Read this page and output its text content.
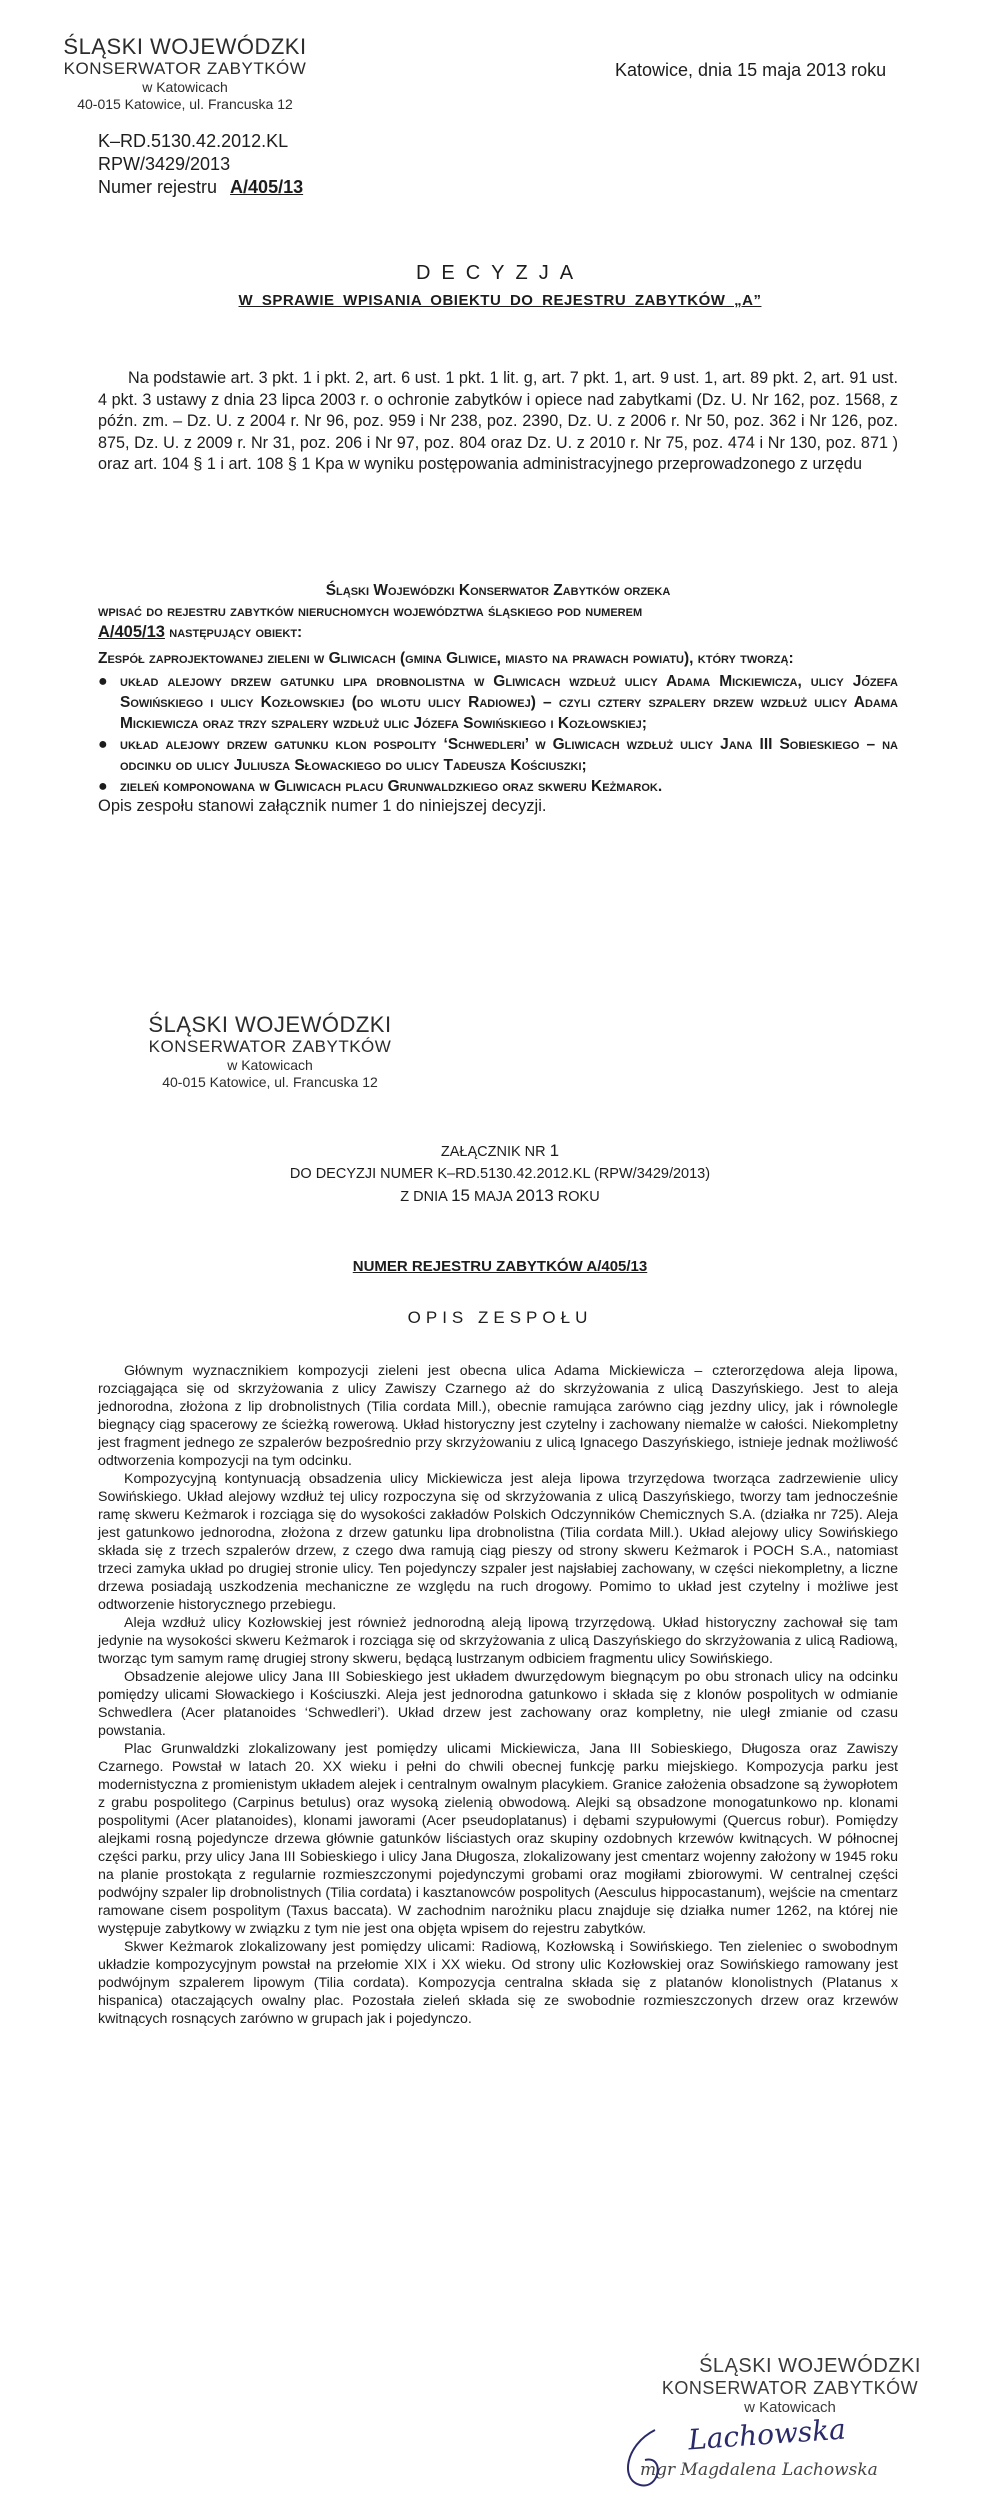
ŚLĄSKI WOJEWÓDZKI
KONSERWATOR ZABYTKÓW
w Katowicach
40-015 Katowice, ul. Francuska 12
Katowice, dnia 15 maja 2013 roku
K–RD.5130.42.2012.KL
RPW/3429/2013
Numer rejestru A/405/13
DECYZJA
W SPRAWIE WPISANIA OBIEKTU DO REJESTRU ZABYTKÓW „A”
Na podstawie art. 3 pkt. 1 i pkt. 2, art. 6 ust. 1 pkt. 1 lit. g, art. 7 pkt. 1, art. 9 ust. 1, art. 89 pkt. 2, art. 91 ust. 4 pkt. 3 ustawy z dnia 23 lipca 2003 r. o ochronie zabytków i opiece nad zabytkami (Dz. U. Nr 162, poz. 1568, z późn. zm. – Dz. U. z 2004 r. Nr 96, poz. 959 i Nr 238, poz. 2390, Dz. U. z 2006 r. Nr 50, poz. 362 i Nr 126, poz. 875, Dz. U. z 2009 r. Nr 31, poz. 206 i Nr 97, poz. 804 oraz Dz. U. z 2010 r. Nr 75, poz. 474 i Nr 130, poz. 871 ) oraz art. 104 § 1 i art. 108 § 1 Kpa w wyniku postępowania administracyjnego przeprowadzonego z urzędu
Śląski Wojewódzki Konserwator Zabytków orzeka
wpisać do rejestru zabytków nieruchomych województwa śląskiego pod numerem
A/405/13 następujący obiekt:
Zespół zaprojektowanej zieleni w Gliwicach (gmina Gliwice, miasto na prawach powiatu), który tworzą:
● układ alejowy drzew gatunku lipa drobnolistna w Gliwicach wzdłuż ulicy Adama Mickiewicza, ulicy Józefa Sowińskiego i ulicy Kozłowskiej (do wlotu ulicy Radiowej) – czyli cztery szpalery drzew wzdłuż ulicy Adama Mickiewicza oraz trzy szpalery wzdłuż ulic Józefa Sowińskiego i Kozłowskiej;
● układ alejowy drzew gatunku klon pospolity ‘Schwedleri’ w Gliwicach wzdłuż ulicy Jana III Sobieskiego – na odcinku od ulicy Juliusza Słowackiego do ulicy Tadeusza Kościuszki;
● zieleń komponowana w Gliwicach placu Grunwaldzkiego oraz skweru Keżmarok.
Opis zespołu stanowi załącznik numer 1 do niniejszej decyzji.
ŚLĄSKI WOJEWÓDZKI
KONSERWATOR ZABYTKÓW
w Katowicach
40-015 Katowice, ul. Francuska 12
ZAŁĄCZNIK NR 1
DO DECYZJI NUMER K–RD.5130.42.2012.KL (RPW/3429/2013)
Z DNIA 15 MAJA 2013 ROKU
NUMER REJESTRU ZABYTKÓW A/405/13
OPIS ZESPOŁU

Głównym wyznacznikiem kompozycji zieleni jest obecna ulica Adama Mickiewicza – czterorzędowa aleja lipowa, rozciągająca się od skrzyżowania z ulicy Zawiszy Czarnego aż do skrzyżowania z ulicą Daszyńskiego. Jest to aleja jednorodna, złożona z lip drobnolistnych (Tilia cordata Mill.), obecnie ramująca zarówno ciąg jezdny ulicy, jak i równolegle biegnący ciąg spacerowy ze ścieżką rowerową. Układ historyczny jest czytelny i zachowany niemalże w całości. Niekompletny jest fragment jednego ze szpalerów bezpośrednio przy skrzyżowaniu z ulicą Ignacego Daszyńskiego, istnieje jednak możliwość odtworzenia kompozycji na tym odcinku.

Kompozycyjną kontynuacją obsadzenia ulicy Mickiewicza jest aleja lipowa trzyrzędowa tworząca zadrzewienie ulicy Sowińskiego. Układ alejowy wzdłuż tej ulicy rozpoczyna się od skrzyżowania z ulicą Daszyńskiego, tworzy tam jednocześnie ramę skweru Keżmarok i rozciąga się do wysokości zakładów Polskich Odczynników Chemicznych S.A. (działka nr 725). Aleja jest gatunkowo jednorodna, złożona z drzew gatunku lipa drobnolistna (Tilia cordata Mill.). Układ alejowy ulicy Sowińskiego składa się z trzech szpalerów drzew, z czego dwa ramują ciąg pieszy od strony skweru Keżmarok i POCH S.A., natomiast trzeci zamyka układ po drugiej stronie ulicy. Ten pojedynczy szpaler jest najsłabiej zachowany, w części niekompletny, a liczne drzewa posiadają uszkodzenia mechaniczne ze względu na ruch drogowy. Pomimo to układ jest czytelny i możliwe jest odtworzenie historycznego przebiegu.

Aleja wzdłuż ulicy Kozłowskiej jest również jednorodną aleją lipową trzyrzędową. Układ historyczny zachował się tam jedynie na wysokości skweru Keżmarok i rozciąga się od skrzyżowania z ulicą Daszyńskiego do skrzyżowania z ulicą Radiową, tworząc tym samym ramę drugiej strony skweru, będącą lustrzanym odbiciem fragmentu ulicy Sowińskiego.

Obsadzenie alejowe ulicy Jana III Sobieskiego jest układem dwurzędowym biegnącym po obu stronach ulicy na odcinku pomiędzy ulicami Słowackiego i Kościuszki. Aleja jest jednorodna gatunkowo i składa się z klonów pospolitych w odmianie Schwedlera (Acer platanoides ‘Schwedleri’). Układ drzew jest zachowany oraz kompletny, nie uległ zmianie od czasu powstania.

Plac Grunwaldzki zlokalizowany jest pomiędzy ulicami Mickiewicza, Jana III Sobieskiego, Długosza oraz Zawiszy Czarnego. Powstał w latach 20. XX wieku i pełni do chwili obecnej funkcję parku miejskiego. Kompozycja parku jest modernistyczna z promienistym układem alejek i centralnym owalnym placykiem. Granice założenia obsadzone są żywopłotem z grabu pospolitego (Carpinus betulus) oraz wysoką zielenią obwodową. Alejki są obsadzone monogatunkowo np. klonami pospolitymi (Acer platanoides), klonami jaworami (Acer pseudoplatanus) i dębami szypułowymi (Quercus robur). Pomiędzy alejkami rosną pojedyncze drzewa głównie gatunków liściastych oraz skupiny ozdobnych krzewów kwitnących. W północnej części parku, przy ulicy Jana III Sobieskiego i ulicy Jana Długosza, zlokalizowany jest cmentarz wojenny założony w 1945 roku na planie prostokąta z regularnie rozmieszczonymi pojedynczymi grobami oraz mogiłami zbiorowymi. W centralnej części podwójny szpaler lip drobnolistnych (Tilia cordata) i kasztanowców pospolitych (Aesculus hippocastanum), wejście na cmentarz ramowane cisem pospolitym (Taxus baccata). W zachodnim narożniku placu znajduje się działka numer 1262, na której nie występuje zabytkowy w związku z tym nie jest ona objęta wpisem do rejestru zabytków.

Skwer Keżmarok zlokalizowany jest pomiędzy ulicami: Radiową, Kozłowską i Sowińskiego. Ten zieleniec o swobodnym układzie kompozycyjnym powstał na przełomie XIX i XX wieku. Od strony ulic Kozłowskiej oraz Sowińskiego ramowany jest podwójnym szpalerem lipowym (Tilia cordata). Kompozycja centralna składa się z platanów klonolistnych (Platanus x hispanica) otaczających owalny plac. Pozostała zieleń składa się ze swobodnie rozmieszczonych drzew oraz krzewów kwitnących rosnących zarówno w grupach jak i pojedynczo.

ŚLĄSKI WOJEWÓDZKI
KONSERWATOR ZABYTKÓW
w Katowicach
Lachowska
mgr Magdalena Lachowska
